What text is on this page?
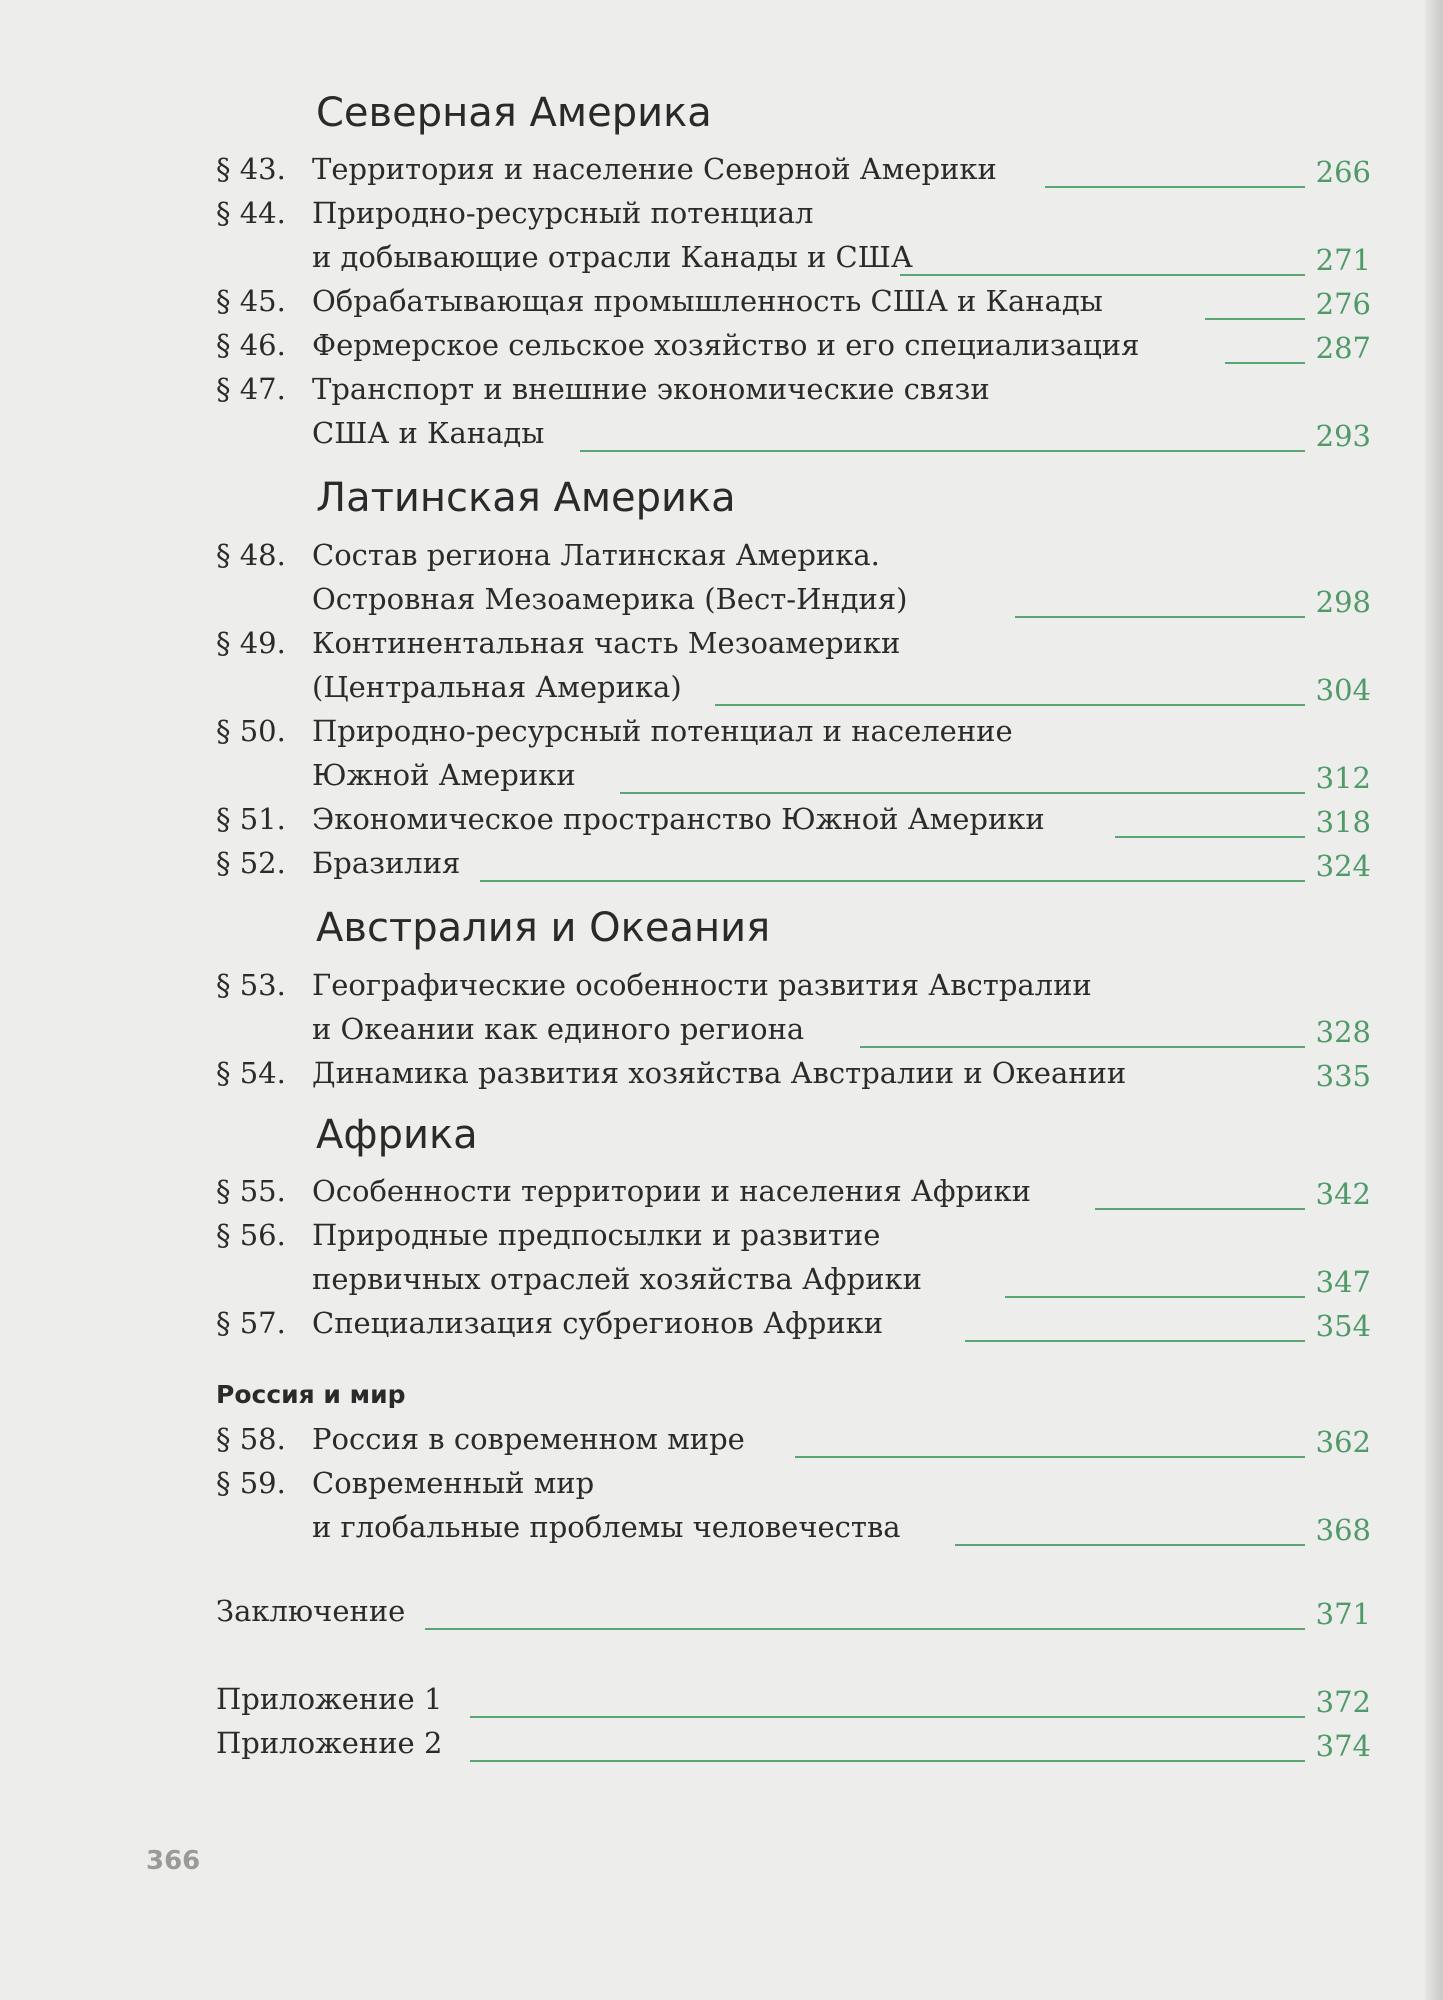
Северная Америка
§ 43. Территория и население Северной Америки	266
§ 44. Природно-ресурсный потенциал
и добывающие отрасли Канады и США	271
§ 45. Обрабатывающая промышленность США и Канады	276
§ 46. Фермерское сельское хозяйство и его специализация	287
§ 47. Транспорт и внешние экономические связи
США и Канады	293
Латинская Америка
§ 48. Состав региона Латинская Америка.
Островная Мезоамерика (Вест-Индия)	298
§ 49. Континентальная часть Мезоамерики
(Центральная Америка)	304
§ 50. Природно-ресурсный потенциал и население
Южной Америки	312
§ 51. Экономическое пространство Южной Америки	318
§ 52. Бразилия	324
Австралия и Океания
§ 53. Географические особенности развития Австралии
и Океании как единого региона	328
§ 54. Динамика развития хозяйства Австралии и Океании	335
Африка
§ 55. Особенности территории и населения Африки	342
§ 56. Природные предпосылки и развитие
первичных отраслей хозяйства Африки	347
§ 57. Специализация субрегионов Африки	354
Россия и мир
§ 58. Россия в современном мире	362
§ 59. Современный мир
и глобальные проблемы человечества	368
Заключение	371
Приложение 1	372
Приложение 2	374
366
